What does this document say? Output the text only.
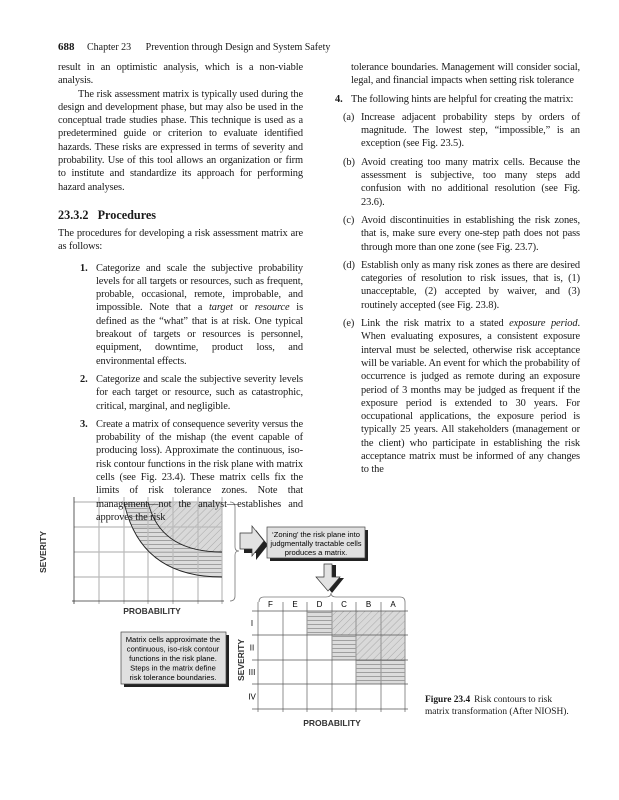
688 Chapter 23 Prevention through Design and System Safety

result in an optimistic analysis, which is a non-viable analysis.

The risk assessment matrix is typically used during the design and development phase, but may also be used in the conceptual trade studies phase. This technique is used as a predetermined guide or criterion to evaluate identified hazards. These risks are expressed in terms of severity and probability. Use of this tool allows an organization or firm to institute and standardize its approach for performing hazard analyses.

23.3.2 Procedures

The procedures for developing a risk assessment matrix are as follows:

1. Categorize and scale the subjective probability levels for all targets or resources, such as frequent, probable, occasional, remote, improbable, and impossible. Note that a target or resource is defined as the “what” that is at risk. One typical breakout of targets or resources is personnel, equipment, downtime, product loss, and environmental effects.
2. Categorize and scale the subjective severity levels for each target or resource, such as catastrophic, critical, marginal, and negligible.
3. Create a matrix of consequence severity versus the probability of the mishap (the event capable of producing loss). Approximate the continuous, iso-risk contour functions in the risk plane with matrix cells (see Fig. 23.4). These matrix cells fix the limits of risk tolerance zones. Note that management—not the analyst—establishes and approves the risk

tolerance boundaries. Management will consider social, legal, and financial impacts when setting risk tolerance

4. The following hints are helpful for creating the matrix:
(a) Increase adjacent probability steps by orders of magnitude. The lowest step, “impossible,” is an exception (see Fig. 23.5).
(b) Avoid creating too many matrix cells. Because the assessment is subjective, too many steps add confusion with no additional resolution (see Fig. 23.6).
(c) Avoid discontinuities in establishing the risk zones, that is, make sure every one-step path does not pass through more than one zone (see Fig. 23.7).
(d) Establish only as many risk zones as there are desired categories of resolution to risk issues, that is, (1) unacceptable, (2) accepted by waiver, and (3) routinely accepted (see Fig. 23.8).
(e) Link the risk matrix to a stated exposure period. When evaluating exposures, a consistent exposure interval must be selected, otherwise risk acceptance will be variable. An event for which the probability of occurrence is judged as remote during an exposure period of 3 months may be judged as frequent if the exposure period is extended to 30 years. For occupational applications, the exposure period is typically 25 years. All stakeholders (management or the client) who participate in establishing the risk acceptance matrix must be informed of any changes to the
SEVERITY
PROBABILITY
‘Zoning’ the risk plane into
judgmentally tractable cells
produces a matrix.
Matrix cells approximate the
continuous, iso-risk contour
functions in the risk plane.
Steps in the matrix define
risk tolerance boundaries.
F E D C B A
I
II
III
IV
SEVERITY
PROBABILITY
Figure 23.4 Risk contours to risk matrix transformation (After NIOSH).
